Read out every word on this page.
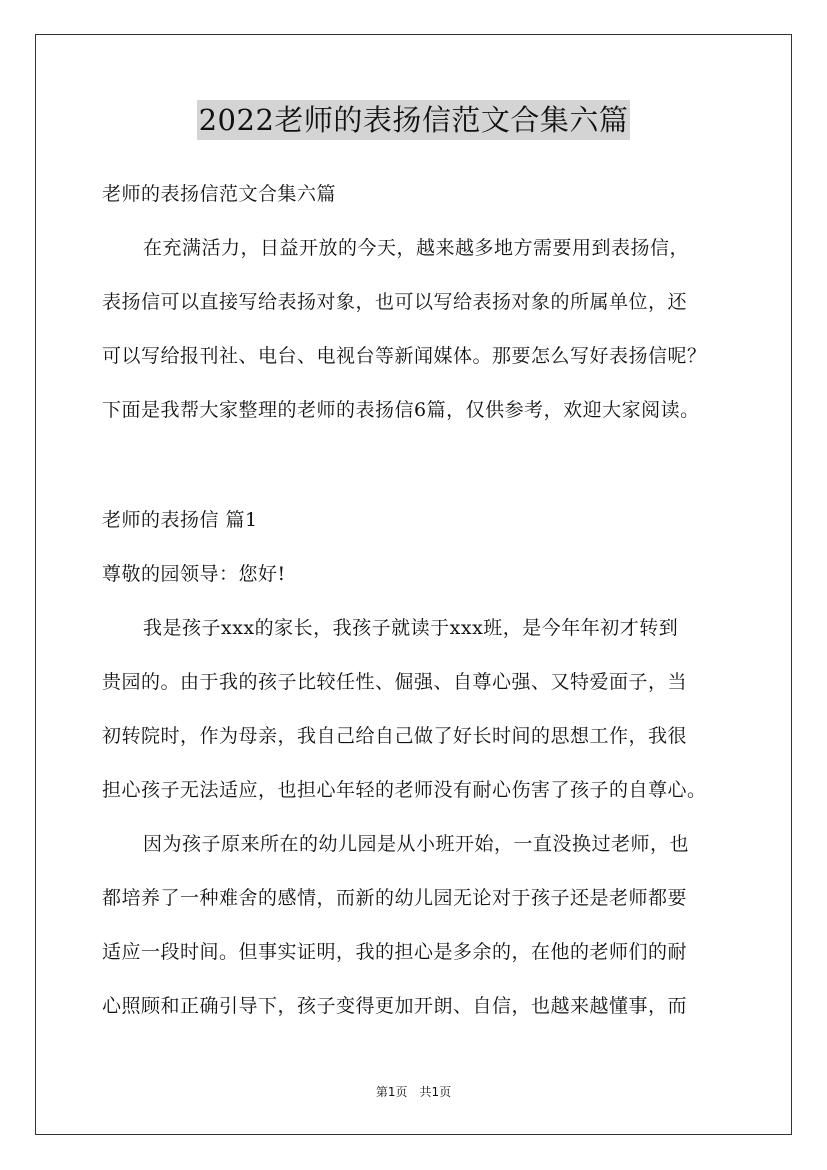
2022老师的表扬信范文合集六篇
老师的表扬信范文合集六篇
在充满活力，日益开放的今天，越来越多地方需要用到表扬信，
表扬信可以直接写给表扬对象，也可以写给表扬对象的所属单位，还
可以写给报刊社、电台、电视台等新闻媒体。那要怎么写好表扬信呢？
下面是我帮大家整理的老师的表扬信6篇，仅供参考，欢迎大家阅读。
老师的表扬信 篇1
尊敬的园领导：您好!
我是孩子xxx的家长，我孩子就读于xxx班，是今年年初才转到
贵园的。由于我的孩子比较任性、倔强、自尊心强、又特爱面子，当
初转院时，作为母亲，我自己给自己做了好长时间的思想工作，我很
担心孩子无法适应，也担心年轻的老师没有耐心伤害了孩子的自尊心。
因为孩子原来所在的幼儿园是从小班开始，一直没换过老师，也
都培养了一种难舍的感情，而新的幼儿园无论对于孩子还是老师都要
适应一段时间。但事实证明，我的担心是多余的，在他的老师们的耐
心照顾和正确引导下，孩子变得更加开朗、自信，也越来越懂事，而
第1页　共1页
